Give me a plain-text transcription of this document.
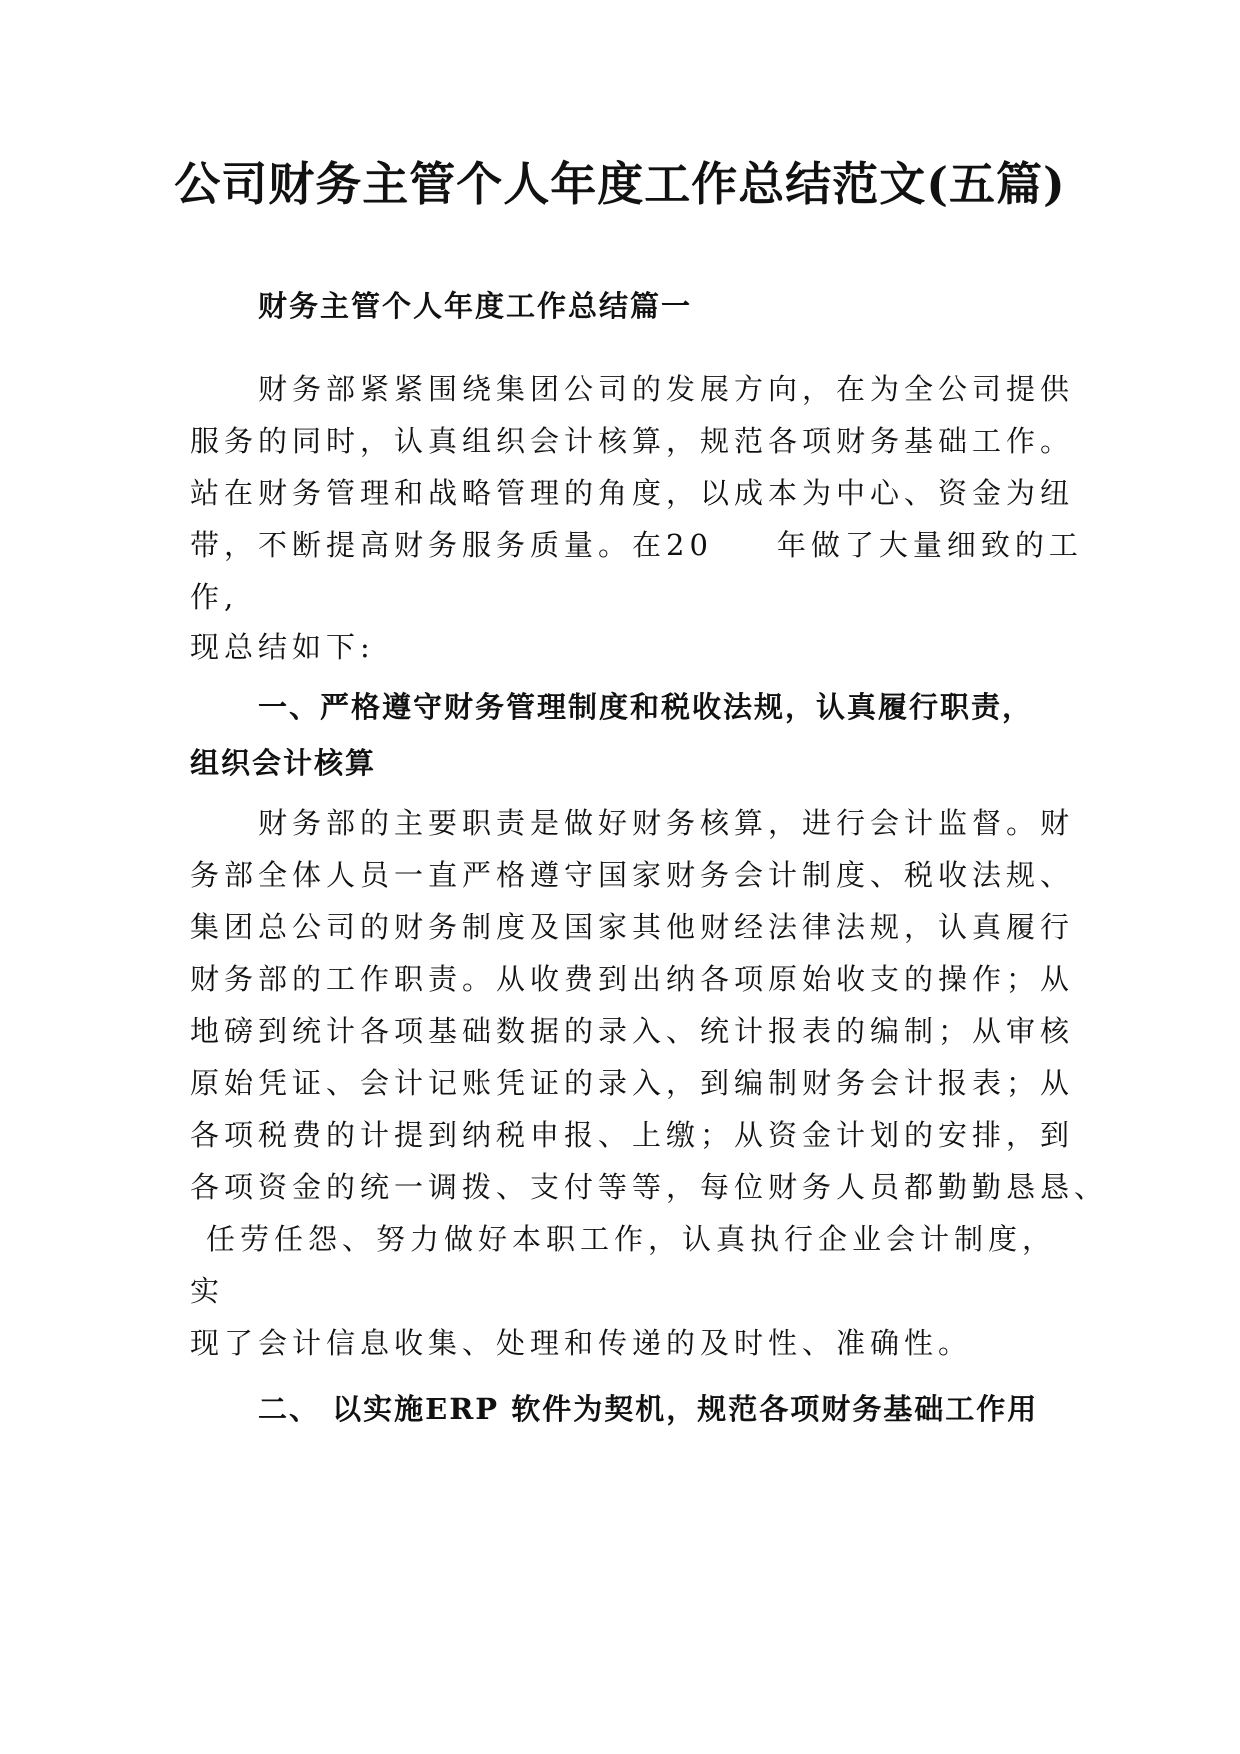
公司财务主管个人年度工作总结范文(五篇)
财务主管个人年度工作总结篇一

财务部紧紧围绕集团公司的发展方向，在为全公司提供

服务的同时，认真组织会计核算，规范各项财务基础工作。

站在财务管理和战略管理的角度，以成本为中心、资金为纽

带，不断提高财务服务质量。在20 年做了大量细致的工

作,

现总结如下:

一、严格遵守财务管理制度和税收法规，认真履行职责，

组织会计核算

财务部的主要职责是做好财务核算，进行会计监督。财

务部全体人员一直严格遵守国家财务会计制度、税收法规、

集团总公司的财务制度及国家其他财经法律法规，认真履行

财务部的工作职责。从收费到出纳各项原始收支的操作；从

地磅到统计各项基础数据的录入、统计报表的编制；从审核

原始凭证、会计记账凭证的录入，到编制财务会计报表；从

各项税费的计提到纳税申报、上缴；从资金计划的安排，到

各项资金的统一调拨、支付等等，每位财务人员都勤勤恳恳、

任劳任怨、努力做好本职工作，认真执行企业会计制度，

实

现了会计信息收集、处理和传递的及时性、准确性。

二、 以实施ERP 软件为契机，规范各项财务基础工作用
